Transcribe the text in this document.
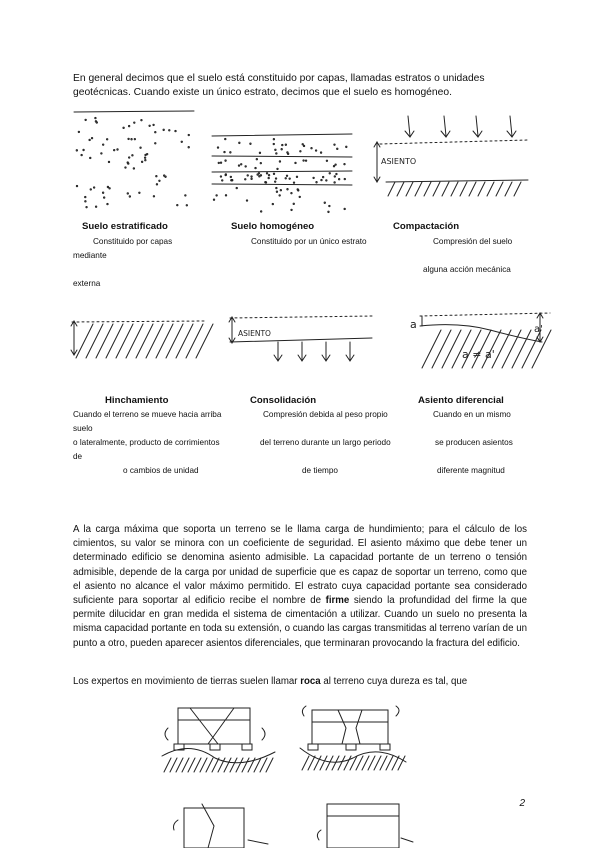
En general decimos que el suelo está constituido por capas, llamadas estratos o unidades geotécnicas. Cuando existe un único estrato, decimos que el suelo es homogéneo.
ASIENTO
Suelo estratificado
Constituido por capas
mediante
Suelo homogéneo
Constituido por un único estrato
Compactación
Compresión del suelo
alguna acción mecánica
externa
ASIENTO
a	a'
a ≠ a'
Hinchamiento
Cuando el terreno se mueve hacia arriba
suelo
o lateralmente, producto de corrimientos
de
o cambios de unidad
Consolidación
Compresión debida al peso propio
del terreno durante un largo periodo
de tiempo
Asiento diferencial
Cuando en un mismo
se producen asientos
diferente magnitud

A la carga máxima que soporta un terreno se le llama carga de hundimiento; para el cálculo de los cimientos, su valor se minora con un coeficiente de seguridad. El asiento máximo que debe tener un determinado edificio se denomina asiento admisible. La capacidad portante de un terreno o tensión admisible, depende de la carga por unidad de superficie que es capaz de soportar un terreno, como que el asiento no alcance el valor máximo permitido. El estrato cuya capacidad portante sea considerado suficiente para soportar al edificio recibe el nombre de firme siendo la profundidad del firme la que permite dilucidar en gran medida el sistema de cimentación a utilizar. Cuando un suelo no presenta la misma capacidad portante en toda su extensión, o cuando las cargas transmitidas al terreno varían de un punto a otro, pueden aparecer asientos diferenciales, que terminaran provocando la fractura del edificio.

Los expertos en movimiento de tierras suelen llamar roca al terreno cuya dureza es tal, que
2
